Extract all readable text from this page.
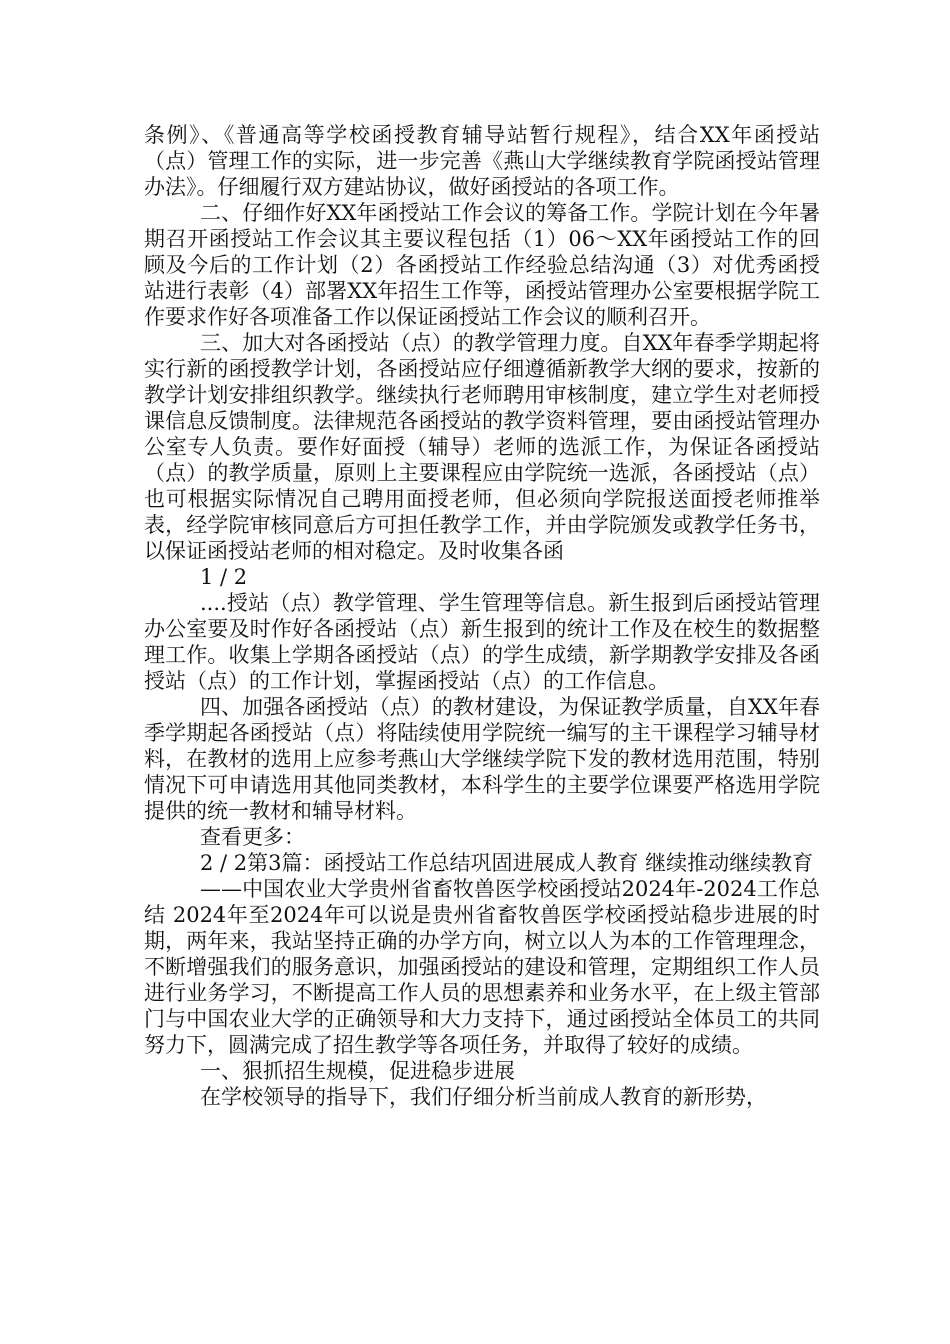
条例》、《普通高等学校函授教育辅导站暂行规程》，结合XX年函授站（点）管理工作的实际，进一步完善《燕山大学继续教育学院函授站管理办法》。仔细履行双方建站协议，做好函授站的各项工作。

二、仔细作好XX年函授站工作会议的筹备工作。学院计划在今年暑期召开函授站工作会议其主要议程包括（1）06～XX年函授站工作的回顾及今后的工作计划（2）各函授站工作经验总结沟通（3）对优秀函授站进行表彰（4）部署XX年招生工作等，函授站管理办公室要根据学院工作要求作好各项准备工作以保证函授站工作会议的顺利召开。

三、加大对各函授站（点）的教学管理力度。自XX年春季学期起将实行新的函授教学计划，各函授站应仔细遵循新教学大纲的要求，按新的教学计划安排组织教学。继续执行老师聘用审核制度，建立学生对老师授课信息反馈制度。法律规范各函授站的教学资料管理，要由函授站管理办公室专人负责。要作好面授（辅导）老师的选派工作，为保证各函授站（点）的教学质量，原则上主要课程应由学院统一选派，各函授站（点）也可根据实际情况自己聘用面授老师，但必须向学院报送面授老师推举表，经学院审核同意后方可担任教学工作，并由学院颁发或教学任务书，以保证函授站老师的相对稳定。及时收集各函

1 / 2

....授站（点）教学管理、学生管理等信息。新生报到后函授站管理办公室要及时作好各函授站（点）新生报到的统计工作及在校生的数据整理工作。收集上学期各函授站（点）的学生成绩，新学期教学安排及各函授站（点）的工作计划，掌握函授站（点）的工作信息。

四、加强各函授站（点）的教材建设，为保证教学质量，自XX年春季学期起各函授站（点）将陆续使用学院统一编写的主干课程学习辅导材料，在教材的选用上应参考燕山大学继续学院下发的教材选用范围，特别情况下可申请选用其他同类教材，本科学生的主要学位课要严格选用学院提供的统一教材和辅导材料。

查看更多：

2 / 2第3篇：函授站工作总结巩固进展成人教育 继续推动继续教育

——中国农业大学贵州省畜牧兽医学校函授站2024年-2024工作总结 2024年至2024年可以说是贵州省畜牧兽医学校函授站稳步进展的时期，两年来，我站坚持正确的办学方向，树立以人为本的工作管理理念，不断增强我们的服务意识，加强函授站的建设和管理，定期组织工作人员进行业务学习，不断提高工作人员的思想素养和业务水平，在上级主管部门与中国农业大学的正确领导和大力支持下，通过函授站全体员工的共同努力下，圆满完成了招生教学等各项任务，并取得了较好的成绩。

一、狠抓招生规模，促进稳步进展

在学校领导的指导下，我们仔细分析当前成人教育的新形势，
